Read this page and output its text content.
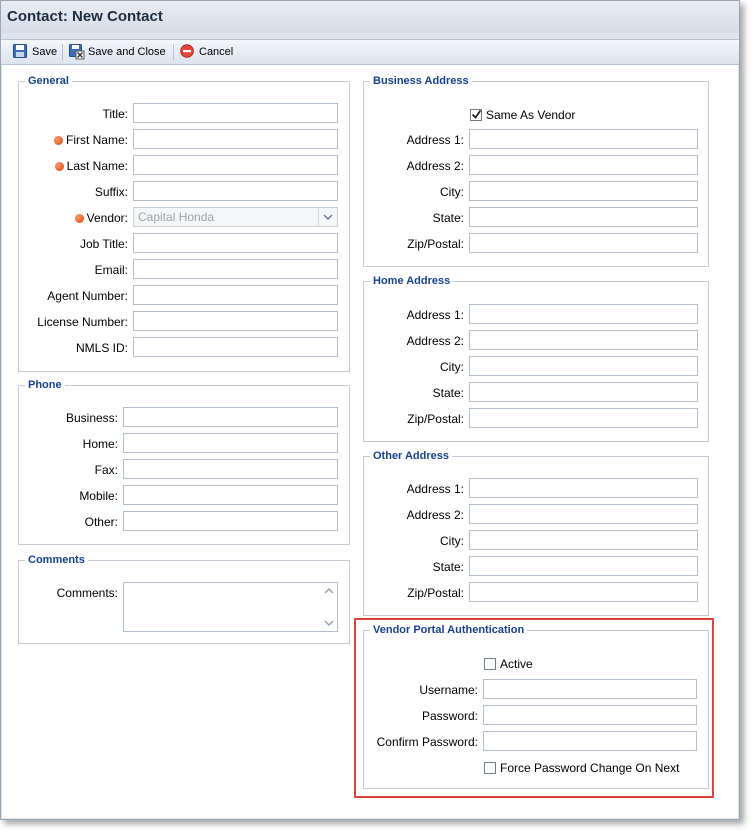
Contact: New Contact
Save	Save and Close	Cancel
General
Title:
First Name:
Last Name:
Suffix:
Vendor: Capital Honda
Job Title:
Email:
Agent Number:
License Number:
NMLS ID:
Phone
Business:
Home:
Fax:
Mobile:
Other:
Comments
Comments:
Business Address
Same As Vendor
Address 1:
Address 2:
City:
State:
Zip/Postal:
Home Address
Address 1:
Address 2:
City:
State:
Zip/Postal:
Other Address
Address 1:
Address 2:
City:
State:
Zip/Postal:
Vendor Portal Authentication
Active
Username:
Password:
Confirm Password:
Force Password Change On Next
